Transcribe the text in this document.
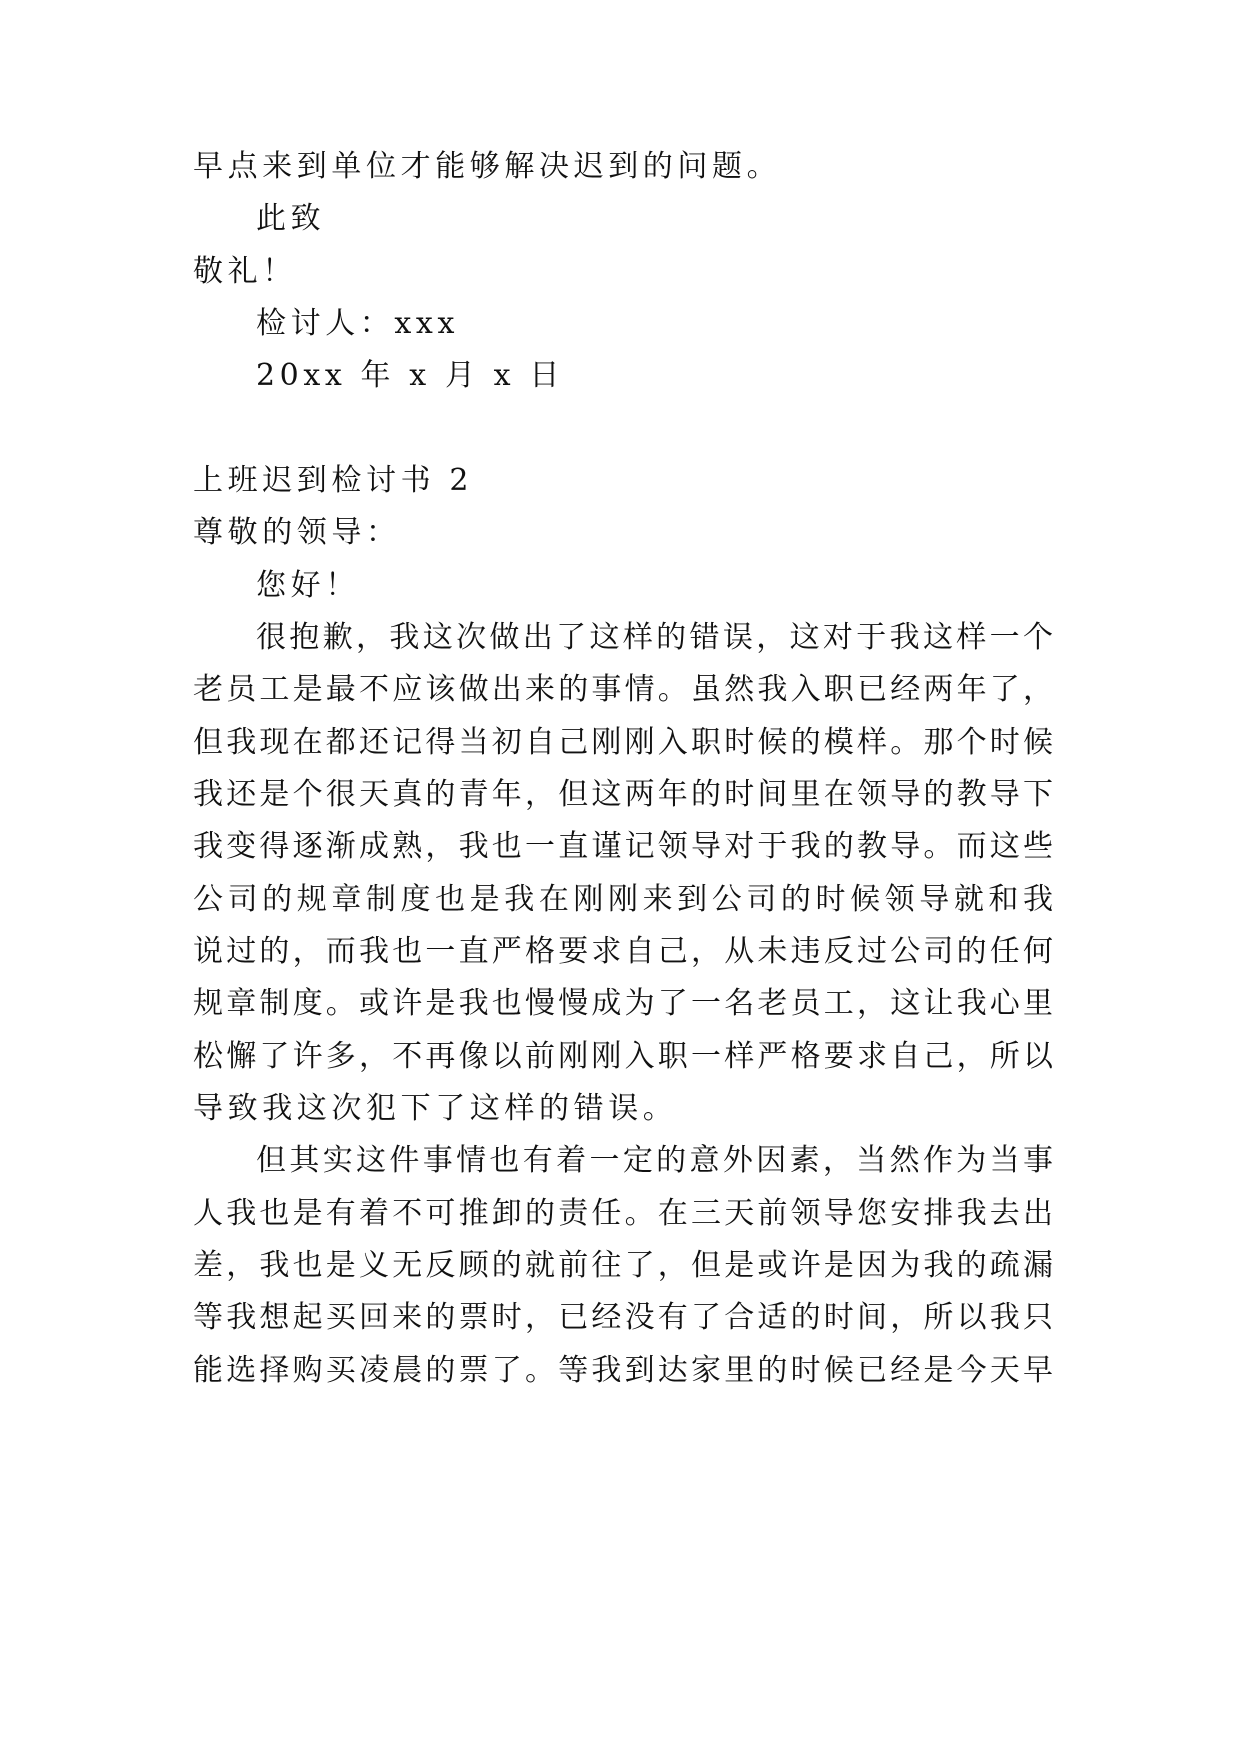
早点来到单位才能够解决迟到的问题。
此致
敬礼！
检讨人：xxx
20xx 年 x 月 x 日
上班迟到检讨书 2
尊敬的领导：
您好！
很抱歉，我这次做出了这样的错误，这对于我这样一个
老员工是最不应该做出来的事情。虽然我入职已经两年了，
但我现在都还记得当初自己刚刚入职时候的模样。那个时候
我还是个很天真的青年，但这两年的时间里在领导的教导下
我变得逐渐成熟，我也一直谨记领导对于我的教导。而这些
公司的规章制度也是我在刚刚来到公司的时候领导就和我
说过的，而我也一直严格要求自己，从未违反过公司的任何
规章制度。或许是我也慢慢成为了一名老员工，这让我心里
松懈了许多，不再像以前刚刚入职一样严格要求自己，所以
导致我这次犯下了这样的错误。
但其实这件事情也有着一定的意外因素，当然作为当事
人我也是有着不可推卸的责任。在三天前领导您安排我去出
差，我也是义无反顾的就前往了，但是或许是因为我的疏漏
等我想起买回来的票时，已经没有了合适的时间，所以我只
能选择购买凌晨的票了。等我到达家里的时候已经是今天早
